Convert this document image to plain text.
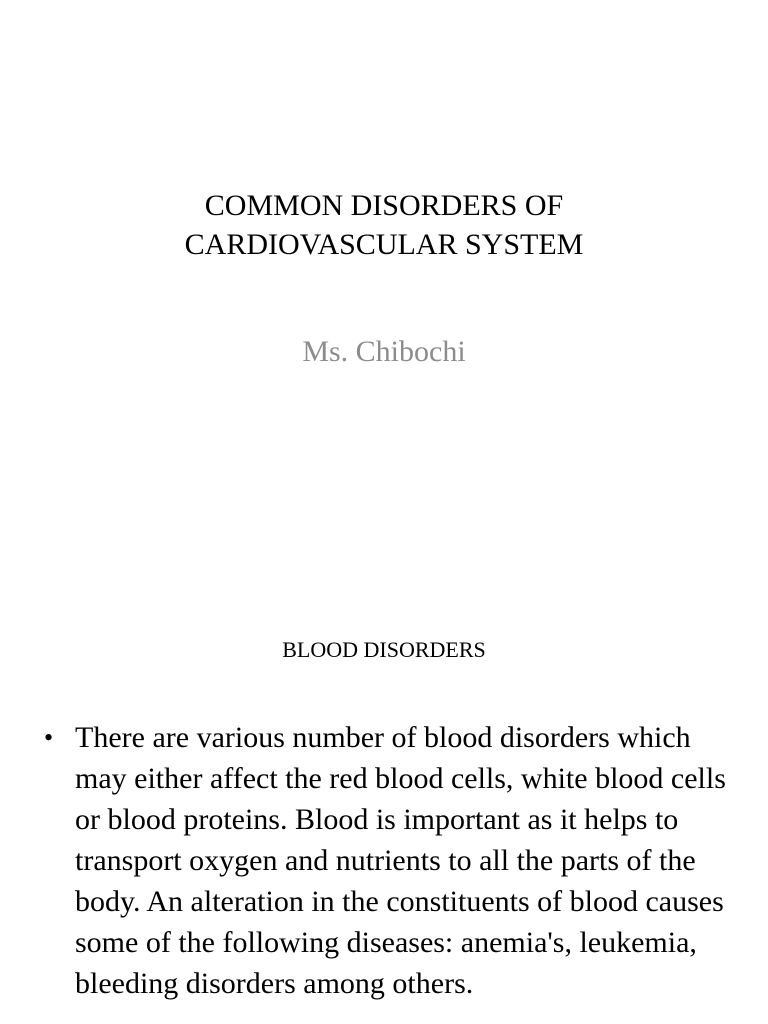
COMMON DISORDERS OF
CARDIOVASCULAR SYSTEM
Ms. Chibochi
BLOOD DISORDERS
• There are various number of blood disorders which may either affect the red blood cells, white blood cells or blood proteins. Blood is important as it helps to transport oxygen and nutrients to all the parts of the body. An alteration in the constituents of blood causes some of the following diseases: anemia's, leukemia, bleeding disorders among others.
